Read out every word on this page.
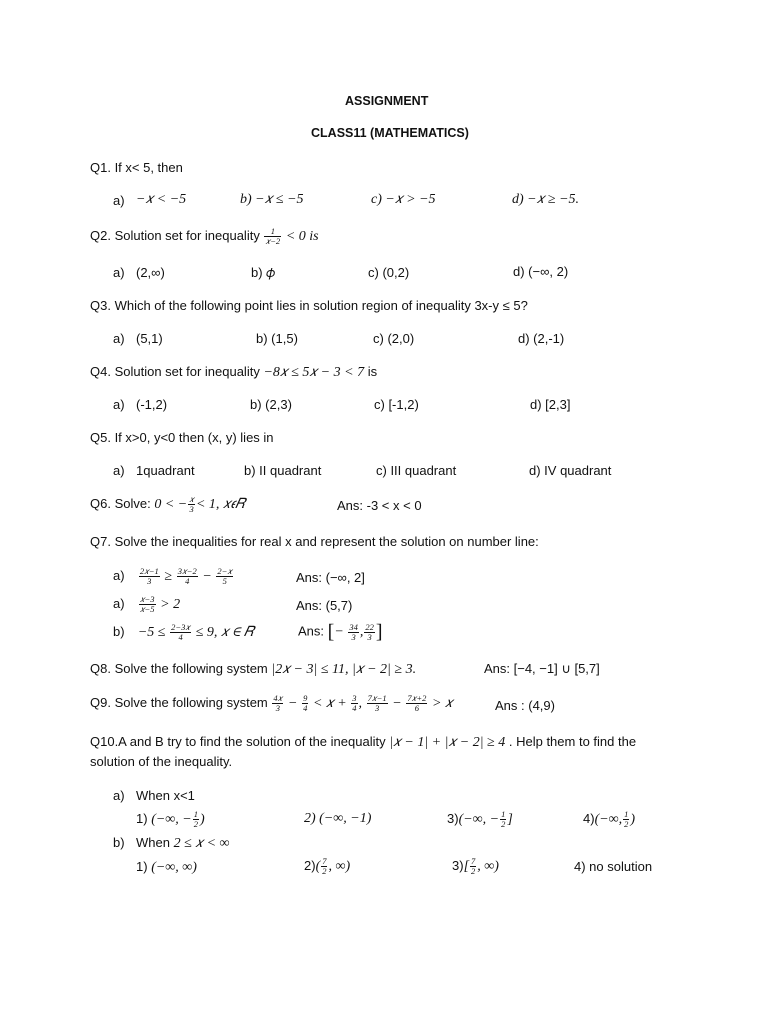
ASSIGNMENT
CLASS11 (MATHEMATICS)
Q1. If x< 5, then
a) −𝑥 < −5	b) −𝑥 ≤ −5	c) −𝑥 > −5	d) −𝑥 ≥ −5.
Q2. Solution set for inequality $\frac{1}{\text{𝑥−2}} < 0$ is
a) (2,∞)	b) 𝜙	c) (0,2)	d) (−∞, 2)
Q3. Which of the following point lies in solution region of inequality 3x-y ≤ 5?
a) (5,1)	b) (1,5)	c) (2,0)	d) (2,-1)
Q4. Solution set for inequality −8𝑥 ≤ 5𝑥 − 3 < 7 is
a) (-1,2)	b) (2,3)	c) [-1,2)	d) [2,3]
Q5. If x>0, y<0 then (x, y) lies in
a) 1quadrant	b) II quadrant	c) III quadrant	d) IV quadrant
Q6. Solve: 0 < − $\frac{\text{𝑥}}{3} < 1$, 𝑥𝜖𝑅	Ans: -3 < x < 0
Q7. Solve the inequalities for real x and represent the solution on number line:
$a) \frac{\text{2𝑥−1}}{3} \ge \frac{\text{3𝑥−2}}{4} - \frac{\text{2−𝑥}}{5}$	Ans: (−∞, 2]
$a) \frac{\text{𝑥−3}}{\text{𝑥−5}} > 2$	Ans: (5,7)
$b) -5 \le \frac{\text{2−3𝑥}}{4} \le 9$, 𝑥 ∈ 𝑅	Ans: [− $\frac{34}{3}$ , $\frac{22}{3}$ ]
Q8. Solve the following system |2𝑥 − 3| ≤ 11, |𝑥 − 2| ≥ 3.	Ans: [−4, −1] ∪ [5,7]
Q9. Solve the following system $\frac{\text{4𝑥}}{3} - \frac{9}{4}$ < 𝑥 + $\frac{3}{4}$ , $\frac{\text{7𝑥−1}}{3} - \frac{\text{7𝑥+2}}{6}$ > 𝑥	Ans : (4,9)
Q10.A and B try to find the solution of the inequality |𝑥 − 1| + |𝑥 − 2| ≥ 4 . Help them to find the
solution of the inequality.
a) When x<1
1) (−∞, − $\frac{1}{2}$ )	2) (−∞, −1)	3)(−∞, − $\frac{1}{2}$ ]	4)(−∞, $\frac{1}{2}$ )
b) When 2 ≤ 𝑥 < ∞
1) (−∞, ∞)	$2)( \frac{7}{2}$ , ∞)	$3)[ \frac{7}{2}$ , ∞)	4) no solution
